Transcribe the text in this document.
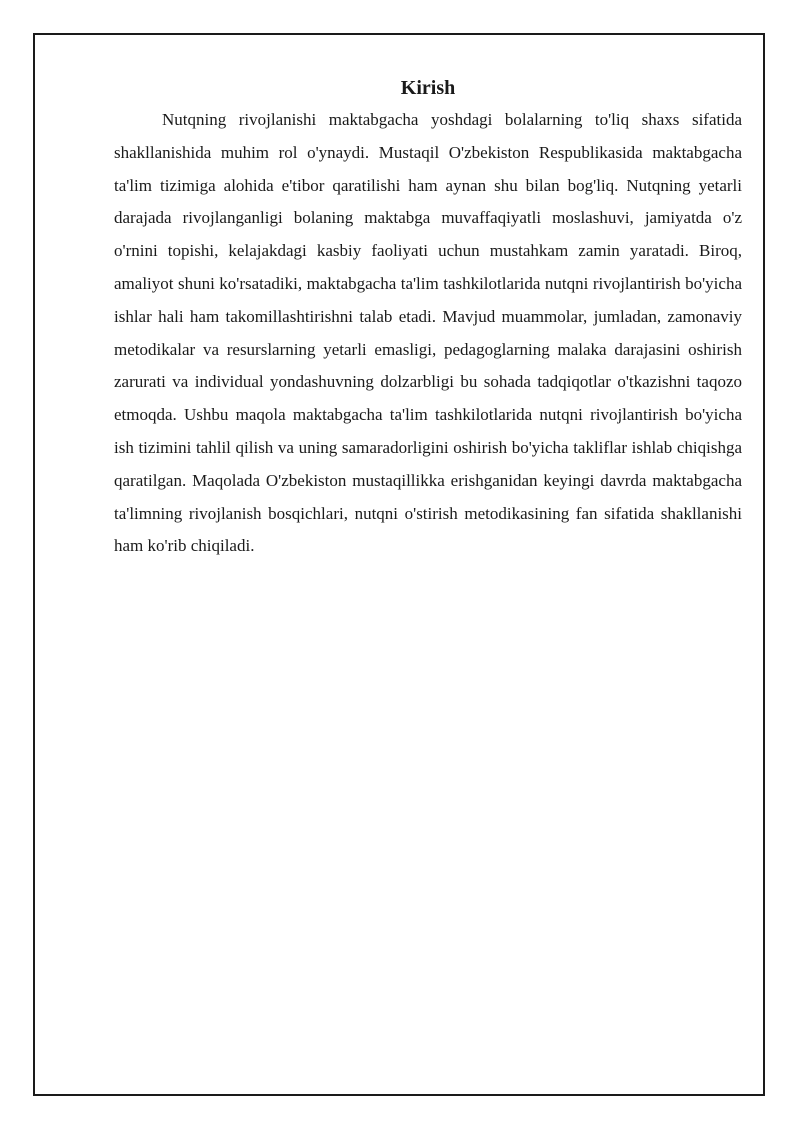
Kirish

Nutqning rivojlanishi maktabgacha yoshdagi bolalarning to'liq shaxs sifatida shakllanishida muhim rol o'ynaydi. Mustaqil O'zbekiston Respublikasida maktabgacha ta'lim tizimiga alohida e'tibor qaratilishi ham aynan shu bilan bog'liq. Nutqning yetarli darajada rivojlanganligi bolaning maktabga muvaffaqiyatli moslashuvi, jamiyatda o'z o'rnini topishi, kelajakdagi kasbiy faoliyati uchun mustahkam zamin yaratadi. Biroq, amaliyot shuni ko'rsatadiki, maktabgacha ta'lim tashkilotlarida nutqni rivojlantirish bo'yicha ishlar hali ham takomillashtirishni talab etadi. Mavjud muammolar, jumladan, zamonaviy metodikalar va resurslarning yetarli emasligi, pedagoglarning malaka darajasini oshirish zarurati va individual yondashuvning dolzarbligi bu sohada tadqiqotlar o'tkazishni taqozo etmoqda. Ushbu maqola maktabgacha ta'lim tashkilotlarida nutqni rivojlantirish bo'yicha ish tizimini tahlil qilish va uning samaradorligini oshirish bo'yicha takliflar ishlab chiqishga qaratilgan. Maqolada O'zbekiston mustaqillikka erishganidan keyingi davrda maktabgacha ta'limning rivojlanish bosqichlari, nutqni o'stirish metodikasining fan sifatida shakllanishi ham ko'rib chiqiladi.
